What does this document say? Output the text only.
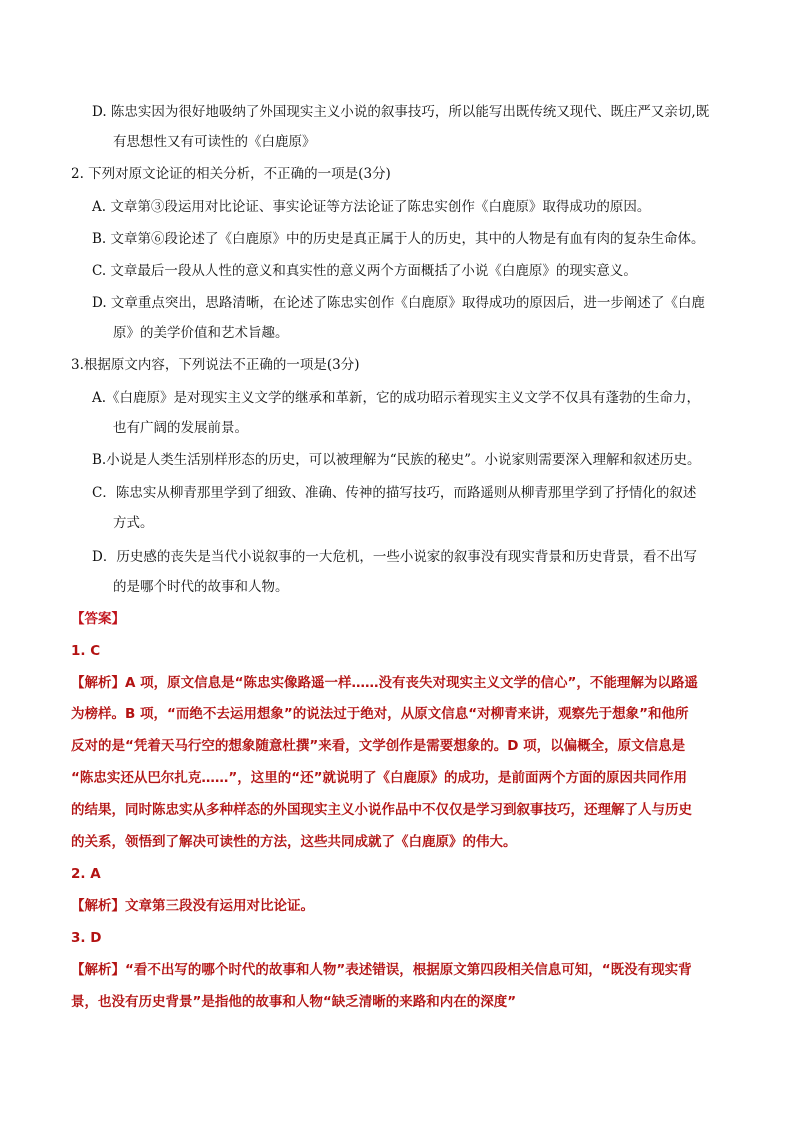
D. 陈忠实因为很好地吸纳了外国现实主义小说的叙事技巧，所以能写出既传统又现代、既庄严又亲切,既
有思想性又有可读性的《白鹿原》
2. 下列对原文论证的相关分析，不正确的一项是(3分)
A. 文章第③段运用对比论证、事实论证等方法论证了陈忠实创作《白鹿原》取得成功的原因。
B. 文章第⑥段论述了《白鹿原》中的历史是真正属于人的历史，其中的人物是有血有肉的复杂生命体。
C. 文章最后一段从人性的意义和真实性的意义两个方面概括了小说《白鹿原》的现实意义。
D. 文章重点突出，思路清晰，在论述了陈忠实创作《白鹿原》取得成功的原因后，进一步阐述了《白鹿
原》的美学价值和艺术旨趣。
3.根据原文内容，下列说法不正确的一项是(3分)
A.《白鹿原》是对现实主义文学的继承和革新，它的成功昭示着现实主义文学不仅具有蓬勃的生命力，
也有广阔的发展前景。
B.小说是人类生活别样形态的历史，可以被理解为“民族的秘史”。小说家则需要深入理解和叙述历史。
C．陈忠实从柳青那里学到了细致、准确、传神的描写技巧，而路遥则从柳青那里学到了抒情化的叙述
方式。
D．历史感的丧失是当代小说叙事的一大危机，一些小说家的叙事没有现实背景和历史背景，看不出写
的是哪个时代的故事和人物。
【答案】
1. C
【解析】A 项，原文信息是“陈忠实像路遥一样……没有丧失对现实主义文学的信心”，不能理解为以路遥
为榜样。B 项，“而绝不去运用想象”的说法过于绝对，从原文信息“对柳青来讲，观察先于想象”和他所
反对的是“凭着天马行空的想象随意杜撰”来看，文学创作是需要想象的。D 项，以偏概全，原文信息是
“陈忠实还从巴尔扎克……”，这里的“还”就说明了《白鹿原》的成功，是前面两个方面的原因共同作用
的结果，同时陈忠实从多种样态的外国现实主义小说作品中不仅仅是学习到叙事技巧，还理解了人与历史
的关系，领悟到了解决可读性的方法，这些共同成就了《白鹿原》的伟大。
2. A
【解析】文章第三段没有运用对比论证。
3. D
【解析】“看不出写的哪个时代的故事和人物”表述错误，根据原文第四段相关信息可知，“既没有现实背
景，也没有历史背景”是指他的故事和人物“缺乏清晰的来路和内在的深度”
